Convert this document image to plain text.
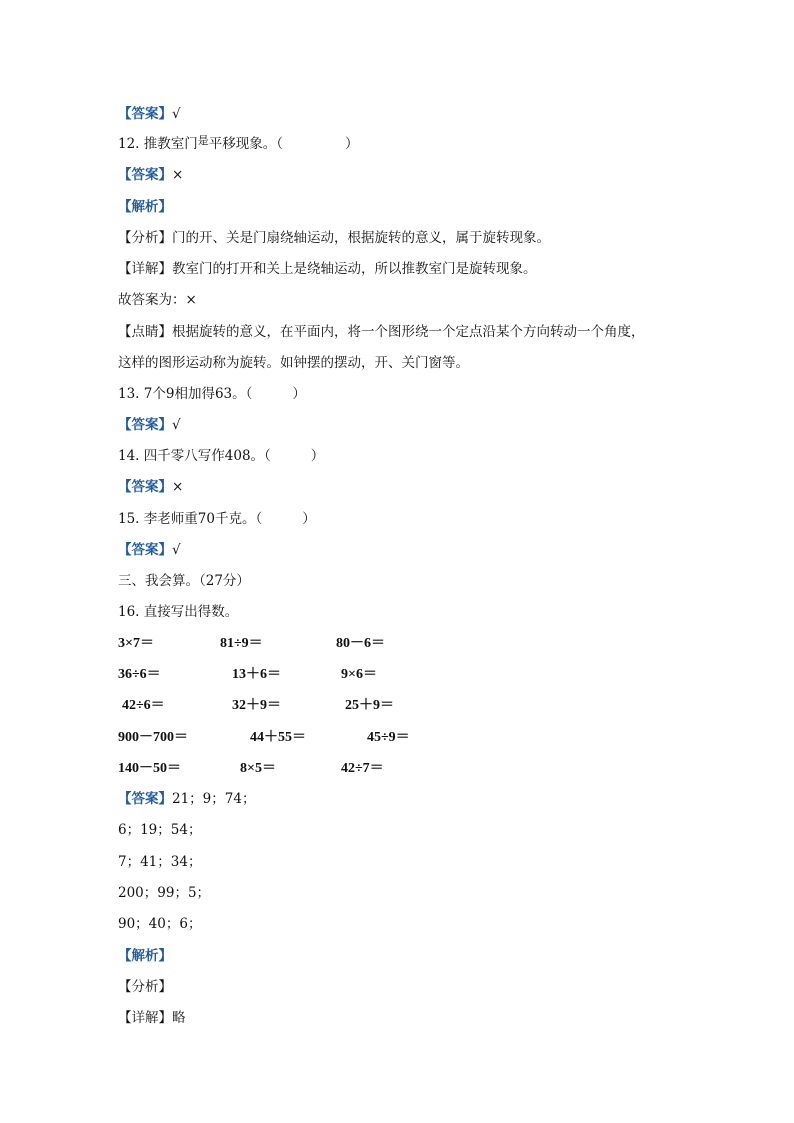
【答案】√
12. 推教室门$^是$平移现象。（	）
【答案】×
【解析】
【分析】门的开、关是门扇绕轴运动，根据旋转的意义，属于旋转现象。
【详解】教室门的打开和关上是绕轴运动，所以推教室门是旋转现象。
故答案为：×
【点睛】根据旋转的意义，在平面内，将一个图形绕一个定点沿某个方向转动一个角度，
这样的图形运动称为旋转。如钟摆的摆动，开、关门窗等。
13. 7个9相加得63。（	）
【答案】√
14. 四千零八写作408。（	）
【答案】×
15. 李老师重70千克。（	）
【答案】√
三、我会算。（27分）
16. 直接写出得数。
3×7＝	81÷9＝	80－6＝
36÷6＝	13＋6＝	9×6＝
42÷6＝	32＋9＝	25＋9＝
900－700＝	44＋55＝	45÷9＝
140－50＝	8×5＝	42÷7＝
【答案】21；9；74；
6；19；54；
7；41；34；
200；99；5；
90；40；6；
【解析】
【分析】
【详解】略
